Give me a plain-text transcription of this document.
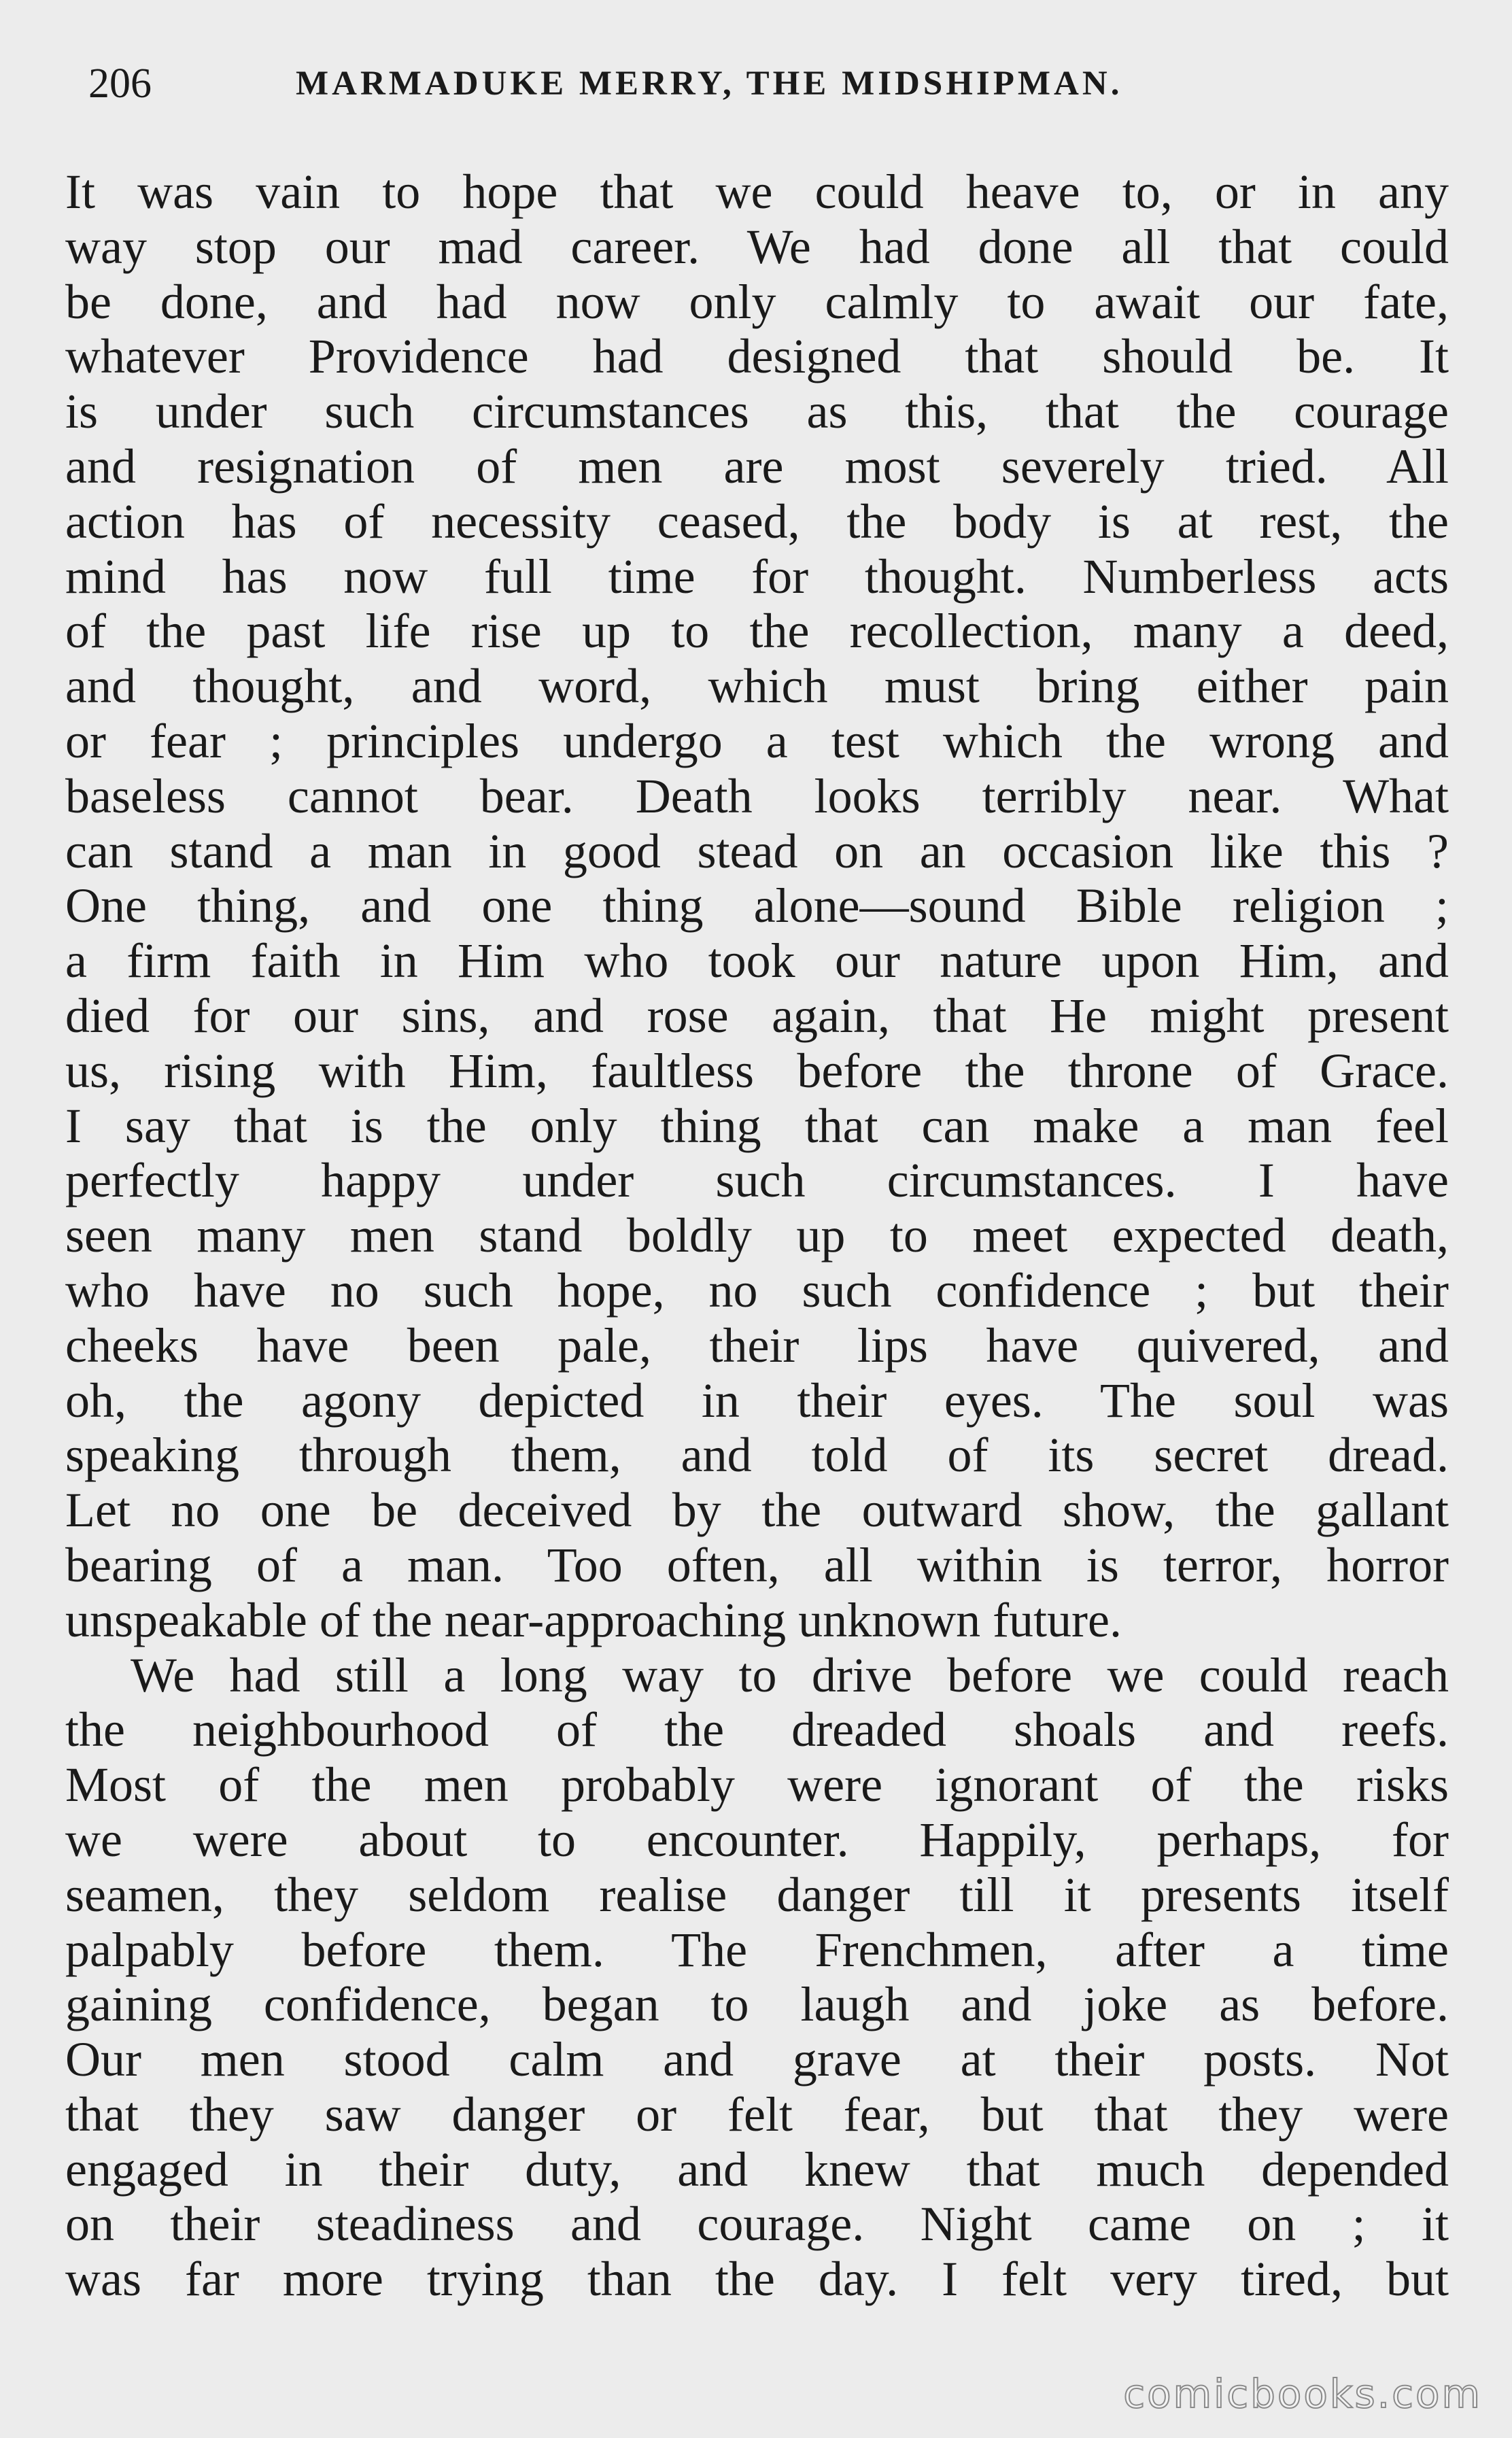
206	MARMADUKE MERRY, THE MIDSHIPMAN.
It was vain to hope that we could heave to, or in any
way stop our mad career. We had done all that could
be done, and had now only calmly to await our fate,
whatever Providence had designed that should be. It
is under such circumstances as this, that the courage
and resignation of men are most severely tried. All
action has of necessity ceased, the body is at rest, the
mind has now full time for thought. Numberless acts
of the past life rise up to the recollection, many a deed,
and thought, and word, which must bring either pain
or fear ; principles undergo a test which the wrong and
baseless cannot bear. Death looks terribly near. What
can stand a man in good stead on an occasion like this ?
One thing, and one thing alone—sound Bible religion ;
a firm faith in Him who took our nature upon Him, and
died for our sins, and rose again, that He might present
us, rising with Him, faultless before the throne of Grace.
I say that is the only thing that can make a man feel
perfectly happy under such circumstances. I have
seen many men stand boldly up to meet expected death,
who have no such hope, no such confidence ; but their
cheeks have been pale, their lips have quivered, and
oh, the agony depicted in their eyes. The soul was
speaking through them, and told of its secret dread.
Let no one be deceived by the outward show, the gallant
bearing of a man. Too often, all within is terror, horror
unspeakable of the near-approaching unknown future.
We had still a long way to drive before we could reach
the neighbourhood of the dreaded shoals and reefs.
Most of the men probably were ignorant of the risks
we were about to encounter. Happily, perhaps, for
seamen, they seldom realise danger till it presents itself
palpably before them. The Frenchmen, after a time
gaining confidence, began to laugh and joke as before.
Our men stood calm and grave at their posts. Not
that they saw danger or felt fear, but that they were
engaged in their duty, and knew that much depended
on their steadiness and courage. Night came on ; it
was far more trying than the day. I felt very tired, but
comicbooks.com
